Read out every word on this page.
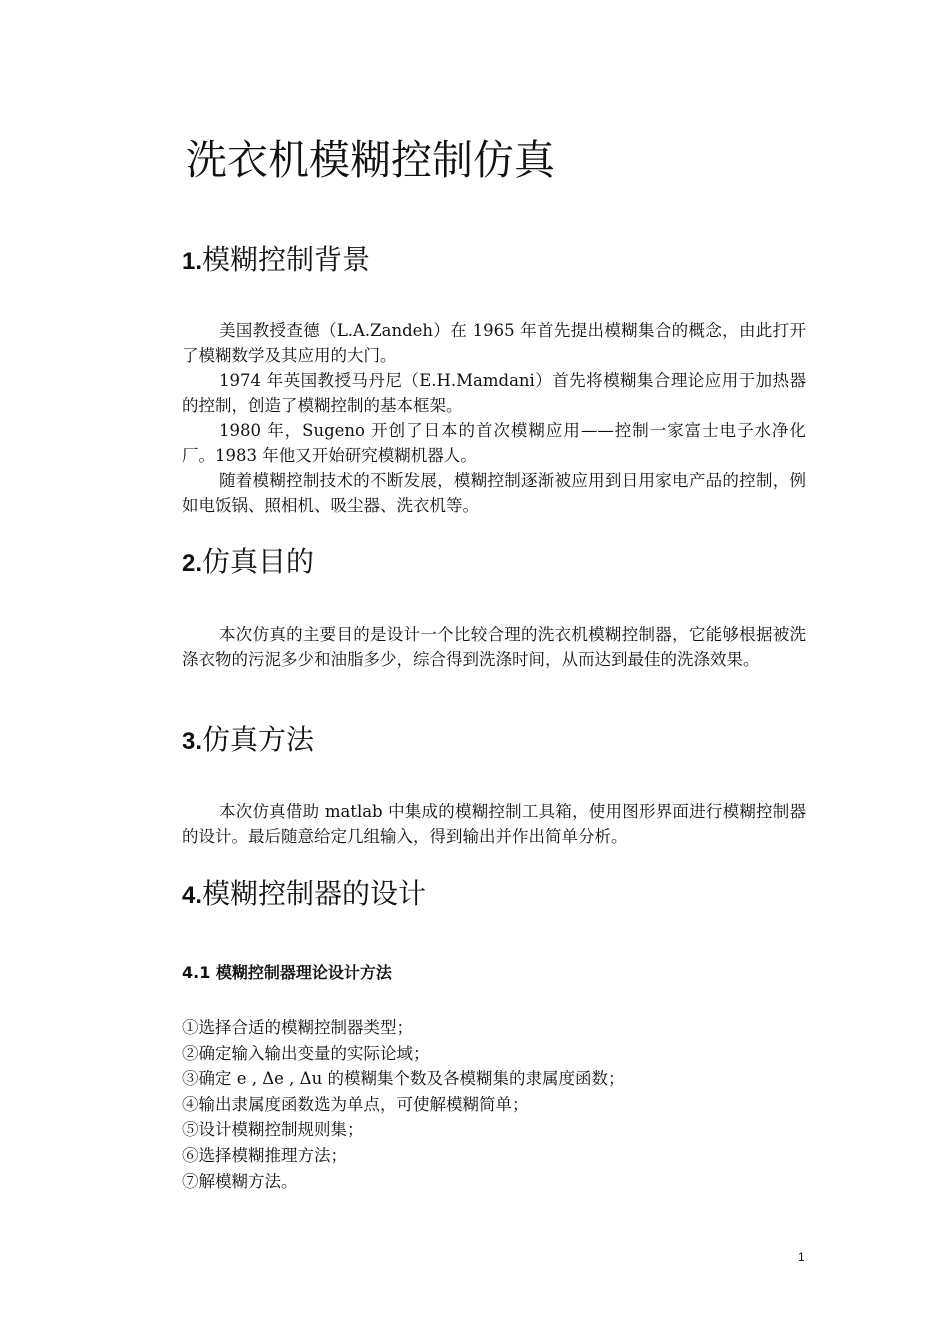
洗衣机模糊控制仿真
1.模糊控制背景

美国教授查德（L.A.Zandeh）在 1965 年首先提出模糊集合的概念，由此打开了模糊数学及其应用的大门。

1974 年英国教授马丹尼（E.H.Mamdani）首先将模糊集合理论应用于加热器的控制，创造了模糊控制的基本框架。

1980 年，Sugeno 开创了日本的首次模糊应用——控制一家富士电子水净化厂。1983 年他又开始研究模糊机器人。

随着模糊控制技术的不断发展，模糊控制逐渐被应用到日用家电产品的控制，例如电饭锅、照相机、吸尘器、洗衣机等。

2.仿真目的

本次仿真的主要目的是设计一个比较合理的洗衣机模糊控制器，它能够根据被洗涤衣物的污泥多少和油脂多少，综合得到洗涤时间，从而达到最佳的洗涤效果。

3.仿真方法

本次仿真借助 matlab 中集成的模糊控制工具箱，使用图形界面进行模糊控制器的设计。最后随意给定几组输入，得到输出并作出简单分析。

4.模糊控制器的设计
4.1 模糊控制器理论设计方法
①选择合适的模糊控制器类型；
②确定输入输出变量的实际论域；
③确定 e , Δe , Δu 的模糊集个数及各模糊集的隶属度函数；
④输出隶属度函数选为单点，可使解模糊简单；
⑤设计模糊控制规则集；
⑥选择模糊推理方法；
⑦解模糊方法。
1
